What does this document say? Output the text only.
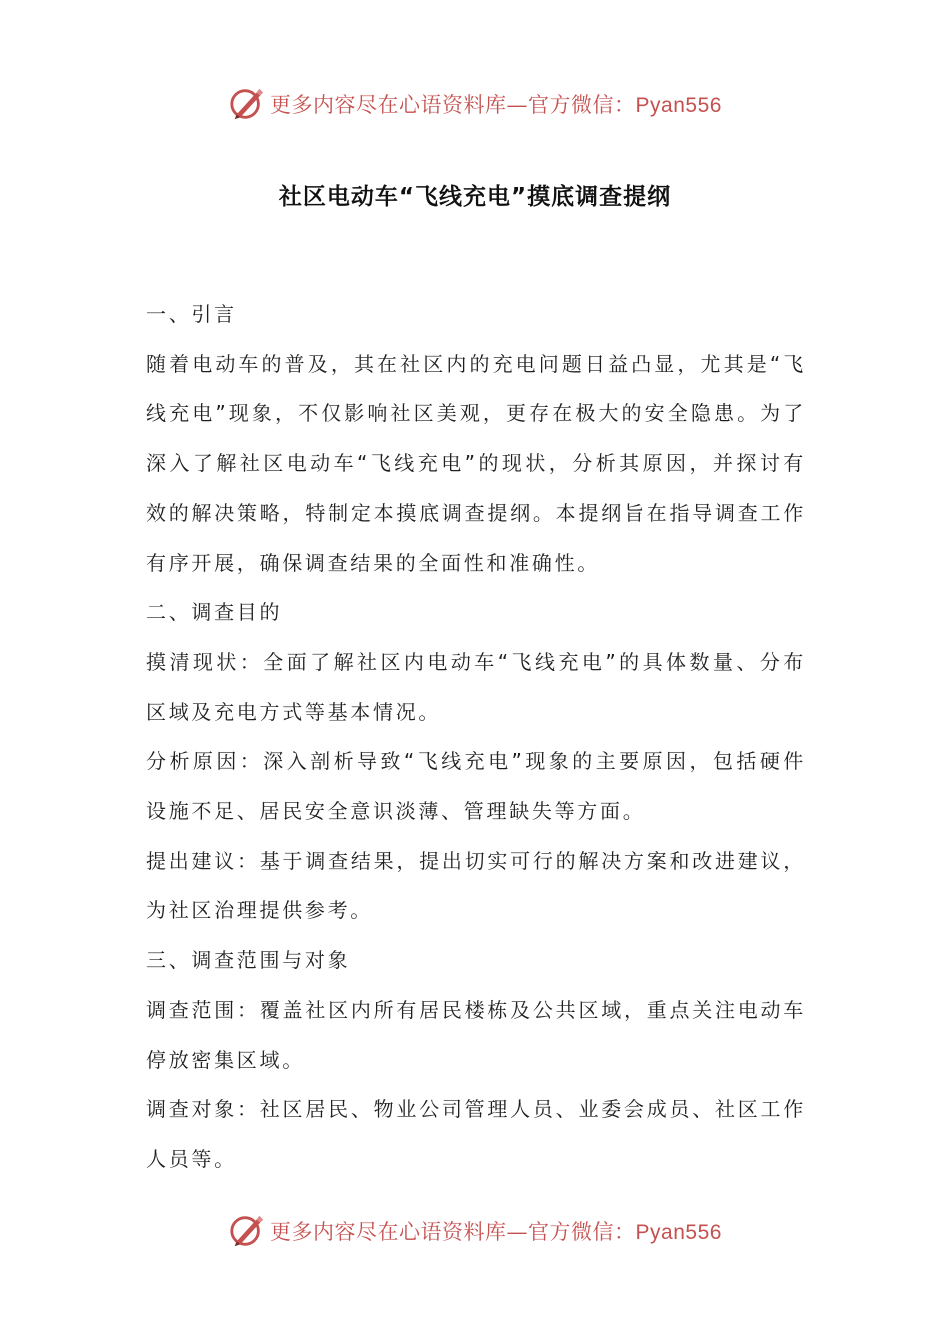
更多内容尽在心语资料库—官方微信：Pyan556
社区电动车“飞线充电”摸底调查提纲

一、引言

随着电动车的普及，其在社区内的充电问题日益凸显，尤其是“飞线充电”现象，不仅影响社区美观，更存在极大的安全隐患。为了深入了解社区电动车“飞线充电”的现状，分析其原因，并探讨有效的解决策略，特制定本摸底调查提纲。本提纲旨在指导调查工作有序开展，确保调查结果的全面性和准确性。

二、调查目的

摸清现状：全面了解社区内电动车“飞线充电”的具体数量、分布区域及充电方式等基本情况。

分析原因：深入剖析导致“飞线充电”现象的主要原因，包括硬件设施不足、居民安全意识淡薄、管理缺失等方面。

提出建议：基于调查结果，提出切实可行的解决方案和改进建议，为社区治理提供参考。

三、调查范围与对象

调查范围：覆盖社区内所有居民楼栋及公共区域，重点关注电动车停放密集区域。

调查对象：社区居民、物业公司管理人员、业委会成员、社区工作人员等。

更多内容尽在心语资料库—官方微信：Pyan556
